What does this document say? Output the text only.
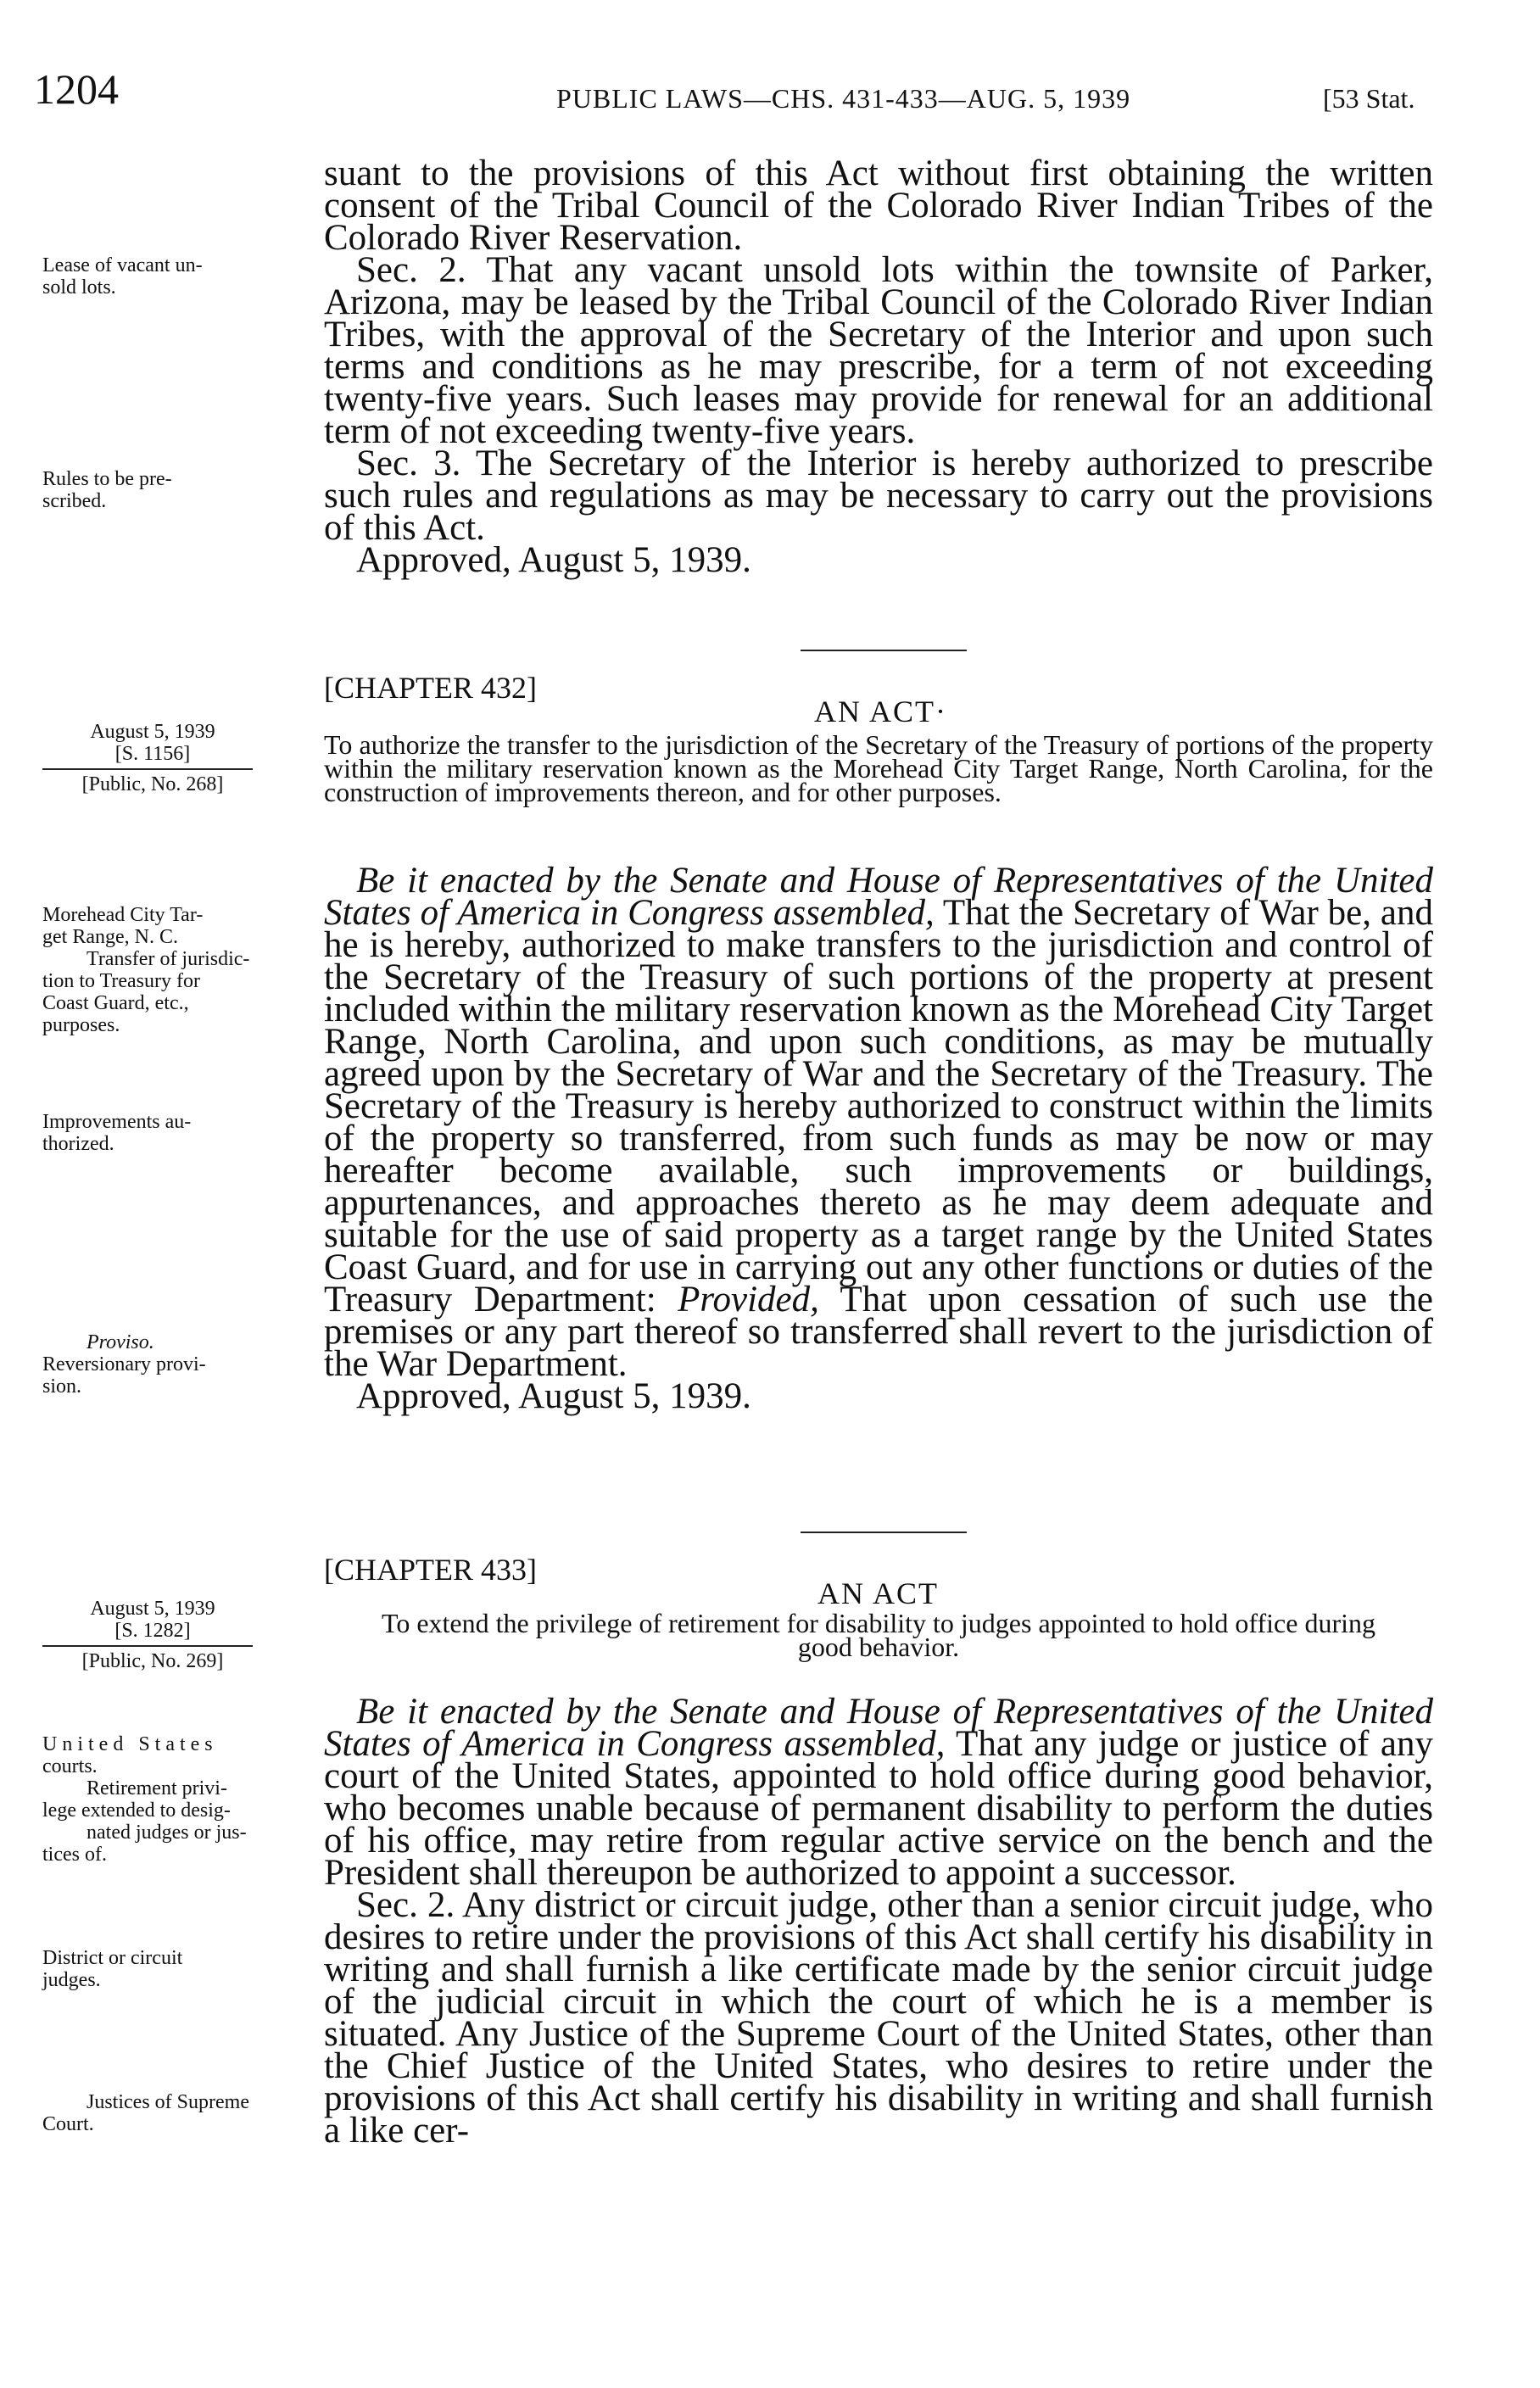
1204	PUBLIC LAWS—CHS. 431-433—AUG. 5, 1939	[53 Stat.
Lease of vacant un-
sold lots.
Rules to be pre-
scribed.
August 5, 1939
[S. 1156]
[Public, No. 268]
Morehead City Tar-
get Range, N. C.
Transfer of jurisdic-
tion to Treasury for
Coast Guard, etc.,
purposes.
Improvements au-
thorized.
Proviso.
Reversionary provi-
sion.
August 5, 1939
[S. 1282]
[Public, No. 269]
United States
courts.
Retirement privi-
lege extended to desig-
nated judges or jus-
tices of.
District or circuit
judges.
Justices of Supreme
Court.

suant to the provisions of this Act without first obtaining the written consent of the Tribal Council of the Colorado River Indian Tribes of the Colorado River Reservation.

Sec. 2. That any vacant unsold lots within the townsite of Parker, Arizona, may be leased by the Tribal Council of the Colorado River Indian Tribes, with the approval of the Secretary of the Interior and upon such terms and conditions as he may prescribe, for a term of not exceeding twenty-five years. Such leases may provide for renewal for an additional term of not exceeding twenty-five years.

Sec. 3. The Secretary of the Interior is hereby authorized to prescribe such rules and regulations as may be necessary to carry out the provisions of this Act.

Approved, August 5, 1939.

[CHAPTER 432]
AN ACT·
To authorize the transfer to the jurisdiction of the Secretary of the Treasury of portions of the property within the military reservation known as the Morehead City Target Range, North Carolina, for the construction of improvements thereon, and for other purposes.

Be it enacted by the Senate and House of Representatives of the United States of America in Congress assembled, That the Secretary of War be, and he is hereby, authorized to make transfers to the jurisdiction and control of the Secretary of the Treasury of such portions of the property at present included within the military reservation known as the Morehead City Target Range, North Carolina, and upon such conditions, as may be mutually agreed upon by the Secretary of War and the Secretary of the Treasury. The Secretary of the Treasury is hereby authorized to construct within the limits of the property so transferred, from such funds as may be now or may hereafter become available, such improvements or buildings, appurtenances, and approaches thereto as he may deem adequate and suitable for the use of said property as a target range by the United States Coast Guard, and for use in carrying out any other functions or duties of the Treasury Department: Provided, That upon cessation of such use the premises or any part thereof so transferred shall revert to the jurisdiction of the War Department.

Approved, August 5, 1939.

[CHAPTER 433]
AN ACT
To extend the privilege of retirement for disability to judges appointed to hold office during good behavior.

Be it enacted by the Senate and House of Representatives of the United States of America in Congress assembled, That any judge or justice of any court of the United States, appointed to hold office during good behavior, who becomes unable because of permanent disability to perform the duties of his office, may retire from regular active service on the bench and the President shall thereupon be authorized to appoint a successor.

Sec. 2. Any district or circuit judge, other than a senior circuit judge, who desires to retire under the provisions of this Act shall certify his disability in writing and shall furnish a like certificate made by the senior circuit judge of the judicial circuit in which the court of which he is a member is situated. Any Justice of the Supreme Court of the United States, other than the Chief Justice of the United States, who desires to retire under the provisions of this Act shall certify his disability in writing and shall furnish a like cer-
